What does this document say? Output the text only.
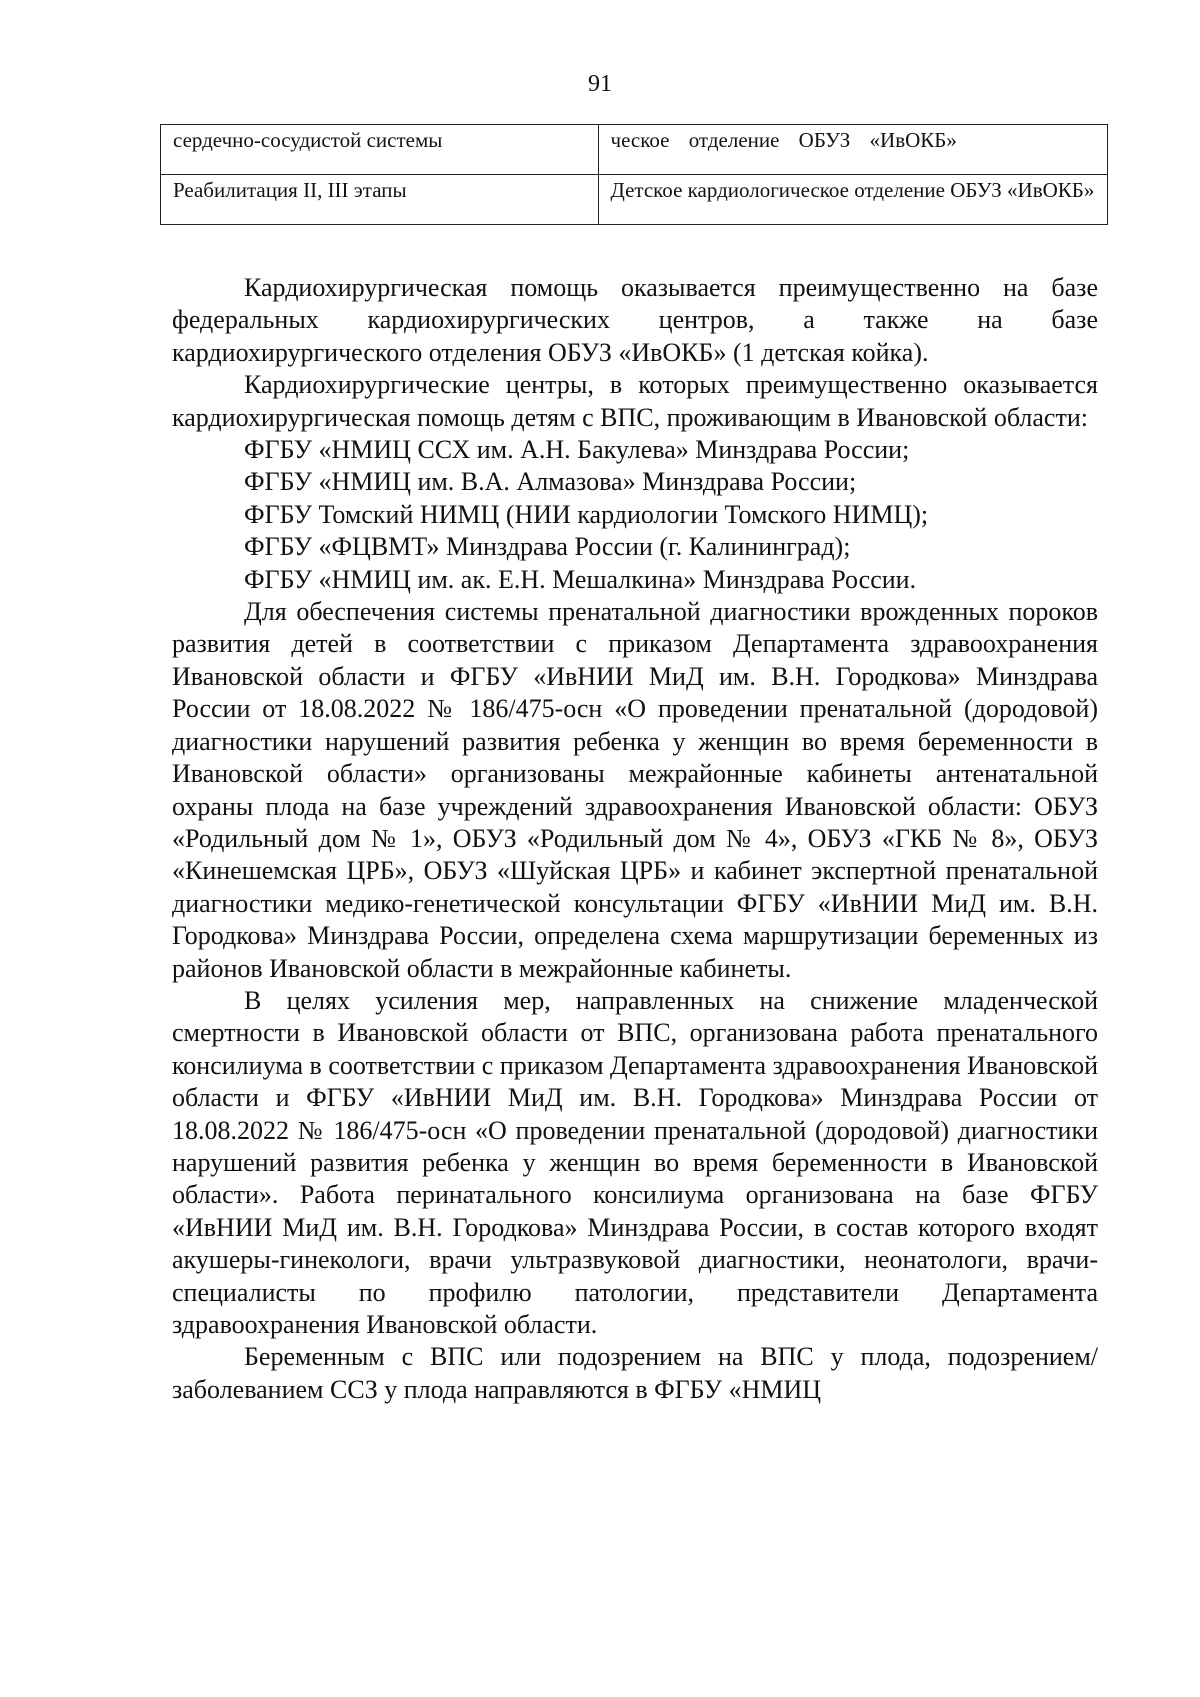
91
сердечно-сосудистой системы	ческое отделение ОБУЗ «ИвОКБ»
Реабилитация II, III этапы	Детское кардиологическое отделение ОБУЗ «ИвОКБ»

Кардиохирургическая помощь оказывается преимущественно на базе федеральных кардиохирургических центров, а также на базе кардиохирургического отделения ОБУЗ «ИвОКБ» (1 детская койка).

Кардиохирургические центры, в которых преимущественно оказывается кардиохирургическая помощь детям с ВПС, проживающим в Ивановской области:

ФГБУ «НМИЦ ССХ им. А.Н. Бакулева» Минздрава России;

ФГБУ «НМИЦ им. В.А. Алмазова» Минздрава России;

ФГБУ Томский НИМЦ (НИИ кардиологии Томского НИМЦ);

ФГБУ «ФЦВМТ» Минздрава России (г. Калининград);

ФГБУ «НМИЦ им. ак. Е.Н. Мешалкина» Минздрава России.

Для обеспечения системы пренатальной диагностики врожденных пороков развития детей в соответствии с приказом Департамента здравоохранения Ивановской области и ФГБУ «ИвНИИ МиД им. В.Н. Городкова» Минздрава России от 18.08.2022 № 186/475-осн «О проведении пренатальной (дородовой) диагностики нарушений развития ребенка у женщин во время беременности в Ивановской области» организованы межрайонные кабинеты антенатальной охраны плода на базе учреждений здравоохранения Ивановской области: ОБУЗ «Родильный дом № 1», ОБУЗ «Родильный дом № 4», ОБУЗ «ГКБ № 8», ОБУЗ «Кинешемская ЦРБ», ОБУЗ «Шуйская ЦРБ» и кабинет экспертной пренатальной диагностики медико-генетической консультации ФГБУ «ИвНИИ МиД им. В.Н. Городкова» Минздрава России, определена схема маршрутизации беременных из районов Ивановской области в межрайонные кабинеты.

В целях усиления мер, направленных на снижение младенческой смертности в Ивановской области от ВПС, организована работа пренатального консилиума в соответствии с приказом Департамента здравоохранения Ивановской области и ФГБУ «ИвНИИ МиД им. В.Н. Городкова» Минздрава России от 18.08.2022 № 186/475-осн «О проведении пренатальной (дородовой) диагностики нарушений развития ребенка у женщин во время беременности в Ивановской области». Работа перинатального консилиума организована на базе ФГБУ «ИвНИИ МиД им. В.Н. Городкова» Минздрава России, в состав которого входят акушеры-гинекологи, врачи ультразвуковой диагностики, неонатологи, врачи-специалисты по профилю патологии, представители Департамента здравоохранения Ивановской области.

Беременным с ВПС или подозрением на ВПС у плода, подозрением/заболеванием ССЗ у плода направляются в ФГБУ «НМИЦ
